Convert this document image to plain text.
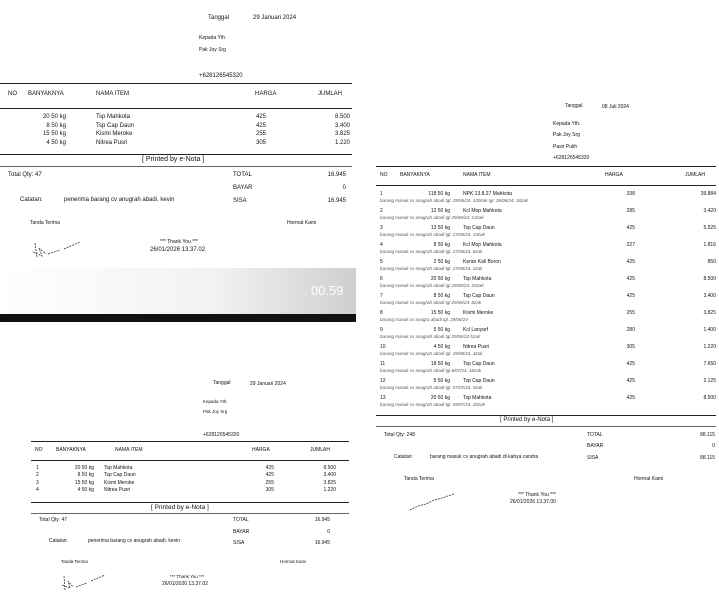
Tanggal	29 Januari 2024
Kepada Yth.
Pak Joy Srg
+628126545320
NO BANYAKNYA	NAMA ITEM	HARGA	JUMLAH
20 50 kg		Tsp Mahkota	425	8.500
8 50 kg		Tsp Cap Daun	425	3.400
15 50 kg		Kismi Meroke	255	3.825
4 50 kg		Nitrea Pusri	305	1.220
[ Printed by e-Nota ]
Total Qty: 47	TOTAL	16.945
BAYAR	0
Catatan:	penerima barang cv anugrah abadi. kevin	SISA	16.945
Tanda Terima	Hormat Kami
*** Thank You ***
26/01/2026 13.37.02
00.59
Tanggal	08 Juli 2024
Kepada Yth.
Pak Joy Srg
Pasir Putih
+628126545320
NO	BANYAKNYA	NAMA ITEM	HARGA	JUMLAH
1	118 50 kg	NPK 13.8.27 Mahkota	338	39.884
barang masuk cv anugrah abadi tgl. 29/06/24. 100zak tgl. 26/06/24. 18zak
2	12 50 kg	Kcl Mop Mahkota	285	3.420
barang masuk cv anugrah abadi tgl 29/06/24. 12zak
3	13 50 kg	Tsp Cap Daun	425	5.525
barang masuk cv anugrah abadi tgl. 27/06/24. 13zak
4	8 50 kg	Kcl Mop Mahkota	227	1.816
barang masuk cv anugrah abadi tgl. 27/06/24. 8zak
5	2 50 kg	Keran Kali Boron	425	850
barang masuk cv anugrah abadi tgl. 27/06/24. 2zak
6	20 50 kg	Tsp Mahkota	425	8.500
barang masuk cv anugrah abadi tgl 29/06/24. 20zak
7	8 50 kg	Tsp Cap Daun	425	3.400
barang masuk cv anugrah abadi tgl 29/06/24. 8zak
8	15 50 kg	Kismi Meroke	255	3.825
barang masuk cv anugra abadi tgl. 29/06/24
9	5 50 kg	Kcl Lanyarf	280	1.400
barang masuk cv anugrah abadi tgl 29/06/24 5zak
10	4 50 kg	Nitrea Pusri	305	1.220
barang masuk cv anugrah abadi tgl. 29/06/24. 4zak
11	18 50 kg	Tsp Cap Daun	425	7.650
barang masuk cv anugrah abadi tgl 6/07/24. 18zak
12	5 50 kg	Tsp Cap Daun	425	2.125
barang masuk cv anugrah abadi tgl. 07/07/24. 5zak
13	20 50 kg	Tsp Mahkota	425	8.500
barang masuk cv anugrah abadi tgl. 09/07/24. 20zak
[ Printed by e-Nota ]
Total Qty: 248	TOTAL	88.115
BAYAR	0
Catatan:	barang masuk cv anugrah abadi di kahya candra	SISA	88.115
Tanda Terima	Hormat Kami
*** Thank You ***
26/01/2026 13.37.00
Tanggal	29 Januari 2024
Kepada Yth.
Pak Joy Srg
+628126545320
NO	BANYAKNYA	NAMA ITEM	HARGA	JUMLAH
1	20 50 kg		Tsp Mahkota	425	8.500
2	8 50 kg		Tsp Cap Daun	425	3.400
3	15 50 kg		Kismi Meroke	255	3.825
4	4 50 kg		Nitrea Pusri	305	1.220
[ Printed by e-Nota ]
Total Qty: 47	TOTAL	16.945
BAYAR	0
Catatan:	penerima barang cv anugrah abadi. kevin	SISA	16.945
Tanda Terima	Hormat Kami
*** Thank You ***
26/01/2026 13.37.02
